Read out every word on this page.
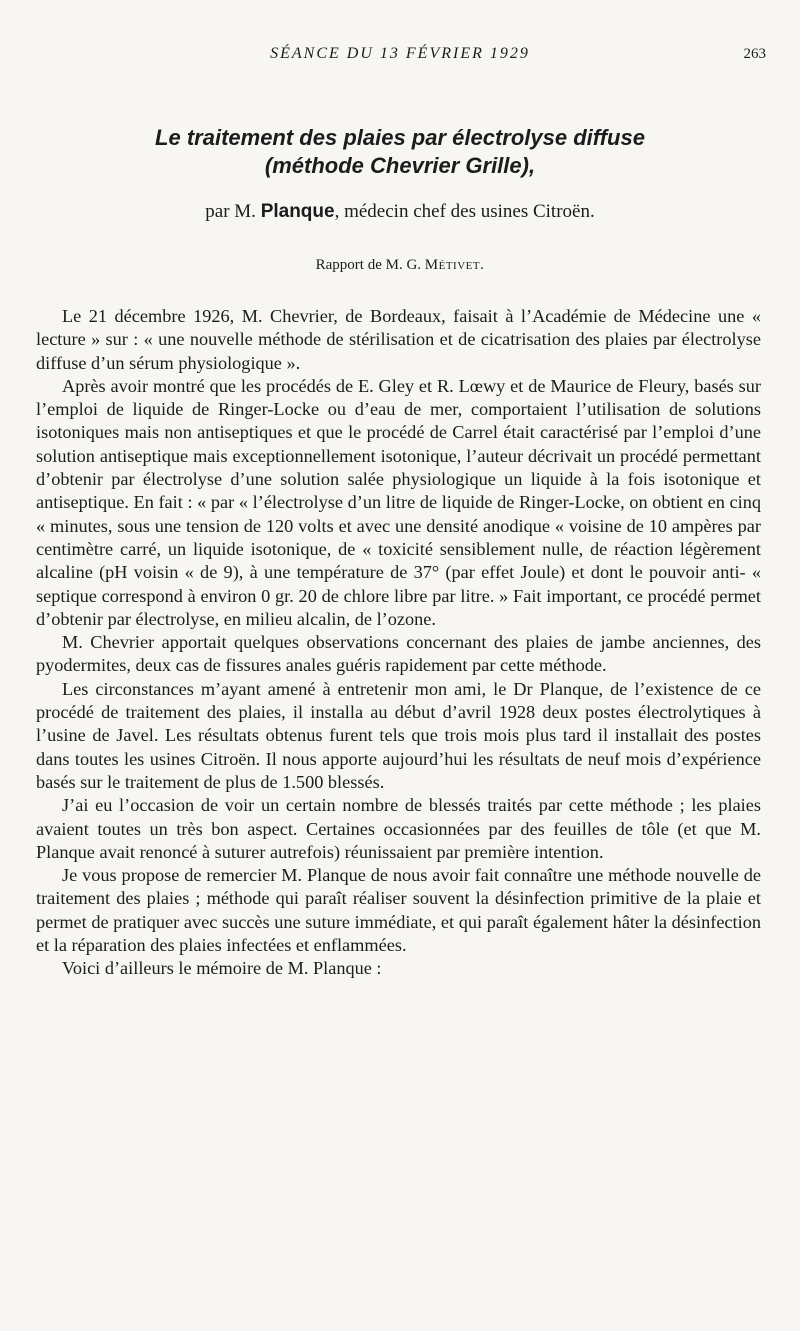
SÉANCE DU 13 FÉVRIER 1929	263
Le traitement des plaies par électrolyse diffuse
(méthode Chevrier Grille),
par M. Planque, médecin chef des usines Citroën.
Rapport de M. G. Métivet.

Le 21 décembre 1926, M. Chevrier, de Bordeaux, faisait à l’Académie de Médecine une « lecture » sur : « une nouvelle méthode de stérilisation et de cicatrisation des plaies par électrolyse diffuse d’un sérum physiologique ».

Après avoir montré que les procédés de E. Gley et R. Lœwy et de Maurice de Fleury, basés sur l’emploi de liquide de Ringer-Locke ou d’eau de mer, comportaient l’utilisation de solutions isotoniques mais non antiseptiques et que le procédé de Carrel était caractérisé par l’emploi d’une solution antiseptique mais exceptionnellement isotonique, l’auteur décrivait un procédé permettant d’obtenir par électrolyse d’une solution salée physiologique un liquide à la fois isotonique et antiseptique. En fait : « par « l’électrolyse d’un litre de liquide de Ringer-Locke, on obtient en cinq « minutes, sous une tension de 120 volts et avec une densité anodique « voisine de 10 ampères par centimètre carré, un liquide isotonique, de « toxicité sensiblement nulle, de réaction légèrement alcaline (pH voisin « de 9), à une température de 37° (par effet Joule) et dont le pouvoir anti- « septique correspond à environ 0 gr. 20 de chlore libre par litre. » Fait important, ce procédé permet d’obtenir par électrolyse, en milieu alcalin, de l’ozone.

M. Chevrier apportait quelques observations concernant des plaies de jambe anciennes, des pyodermites, deux cas de fissures anales guéris rapidement par cette méthode.

Les circonstances m’ayant amené à entretenir mon ami, le Dr Planque, de l’existence de ce procédé de traitement des plaies, il installa au début d’avril 1928 deux postes électrolytiques à l’usine de Javel. Les résultats obtenus furent tels que trois mois plus tard il installait des postes dans toutes les usines Citroën. Il nous apporte aujourd’hui les résultats de neuf mois d’expérience basés sur le traitement de plus de 1.500 blessés.

J’ai eu l’occasion de voir un certain nombre de blessés traités par cette méthode ; les plaies avaient toutes un très bon aspect. Certaines occasionnées par des feuilles de tôle (et que M. Planque avait renoncé à suturer autrefois) réunissaient par première intention.

Je vous propose de remercier M. Planque de nous avoir fait connaître une méthode nouvelle de traitement des plaies ; méthode qui paraît réaliser souvent la désinfection primitive de la plaie et permet de pratiquer avec succès une suture immédiate, et qui paraît également hâter la désinfection et la réparation des plaies infectées et enflammées.

Voici d’ailleurs le mémoire de M. Planque :
